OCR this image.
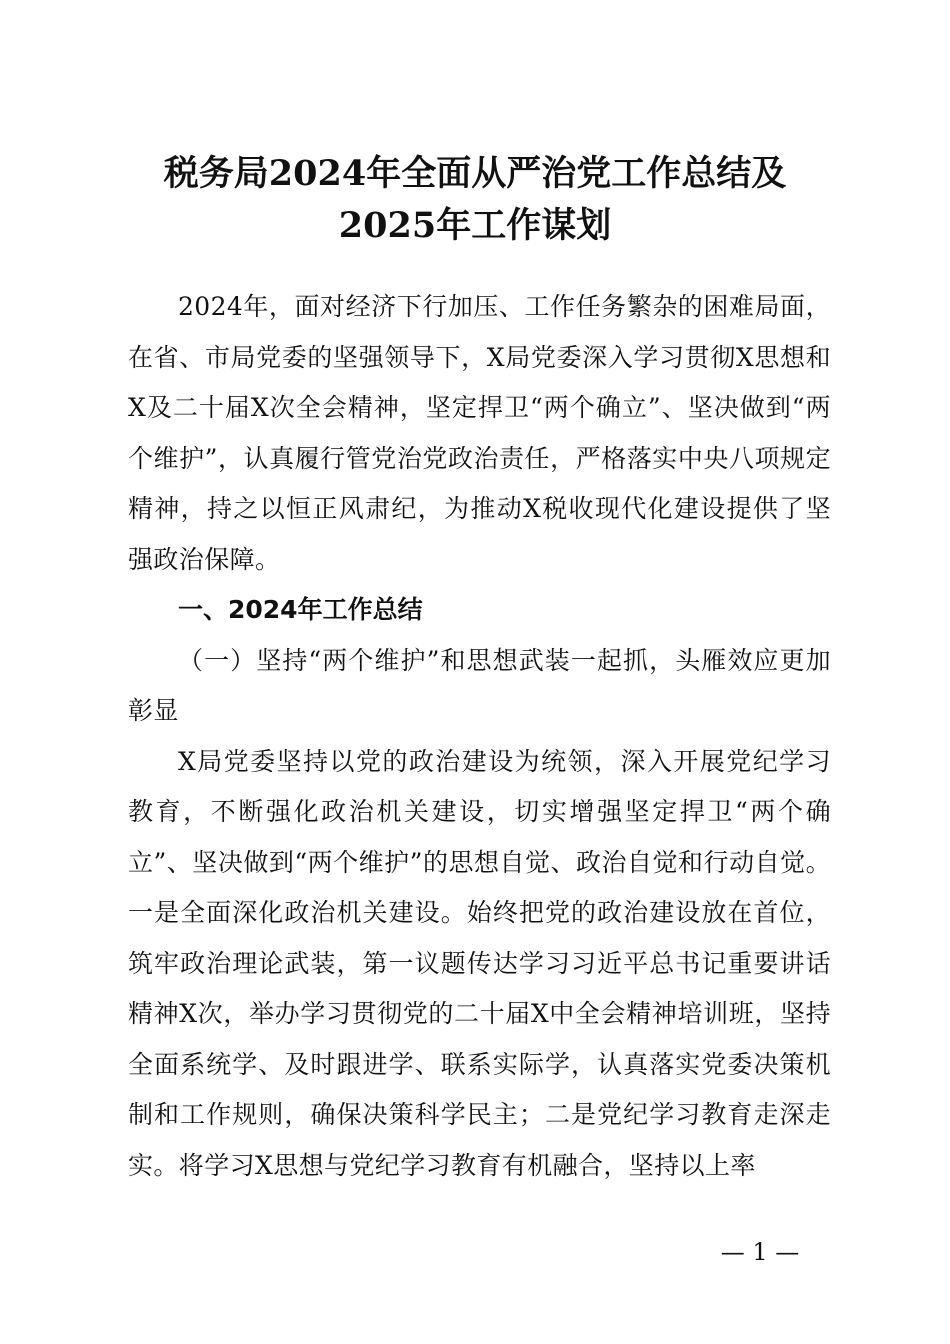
税务局2024年全面从严治党工作总结及2025年工作谋划

2024年，面对经济下行加压、工作任务繁杂的困难局面，在省、市局党委的坚强领导下，X局党委深入学习贯彻X思想和X及二十届X次全会精神，坚定捍卫“两个确立”、坚决做到“两个维护”，认真履行管党治党政治责任，严格落实中央八项规定精神，持之以恒正风肃纪，为推动X税收现代化建设提供了坚强政治保障。

一、2024年工作总结

（一）坚持“两个维护”和思想武装一起抓，头雁效应更加彰显

X局党委坚持以党的政治建设为统领，深入开展党纪学习教育，不断强化政治机关建设，切实增强坚定捍卫“两个确立”、坚决做到“两个维护”的思想自觉、政治自觉和行动自觉。一是全面深化政治机关建设。始终把党的政治建设放在首位，筑牢政治理论武装，第一议题传达学习习近平总书记重要讲话精神X次，举办学习贯彻党的二十届X中全会精神培训班，坚持全面系统学、及时跟进学、联系实际学，认真落实党委决策机制和工作规则，确保决策科学民主；二是党纪学习教育走深走实。将学习X思想与党纪学习教育有机融合，坚持以上率

— 1 —
